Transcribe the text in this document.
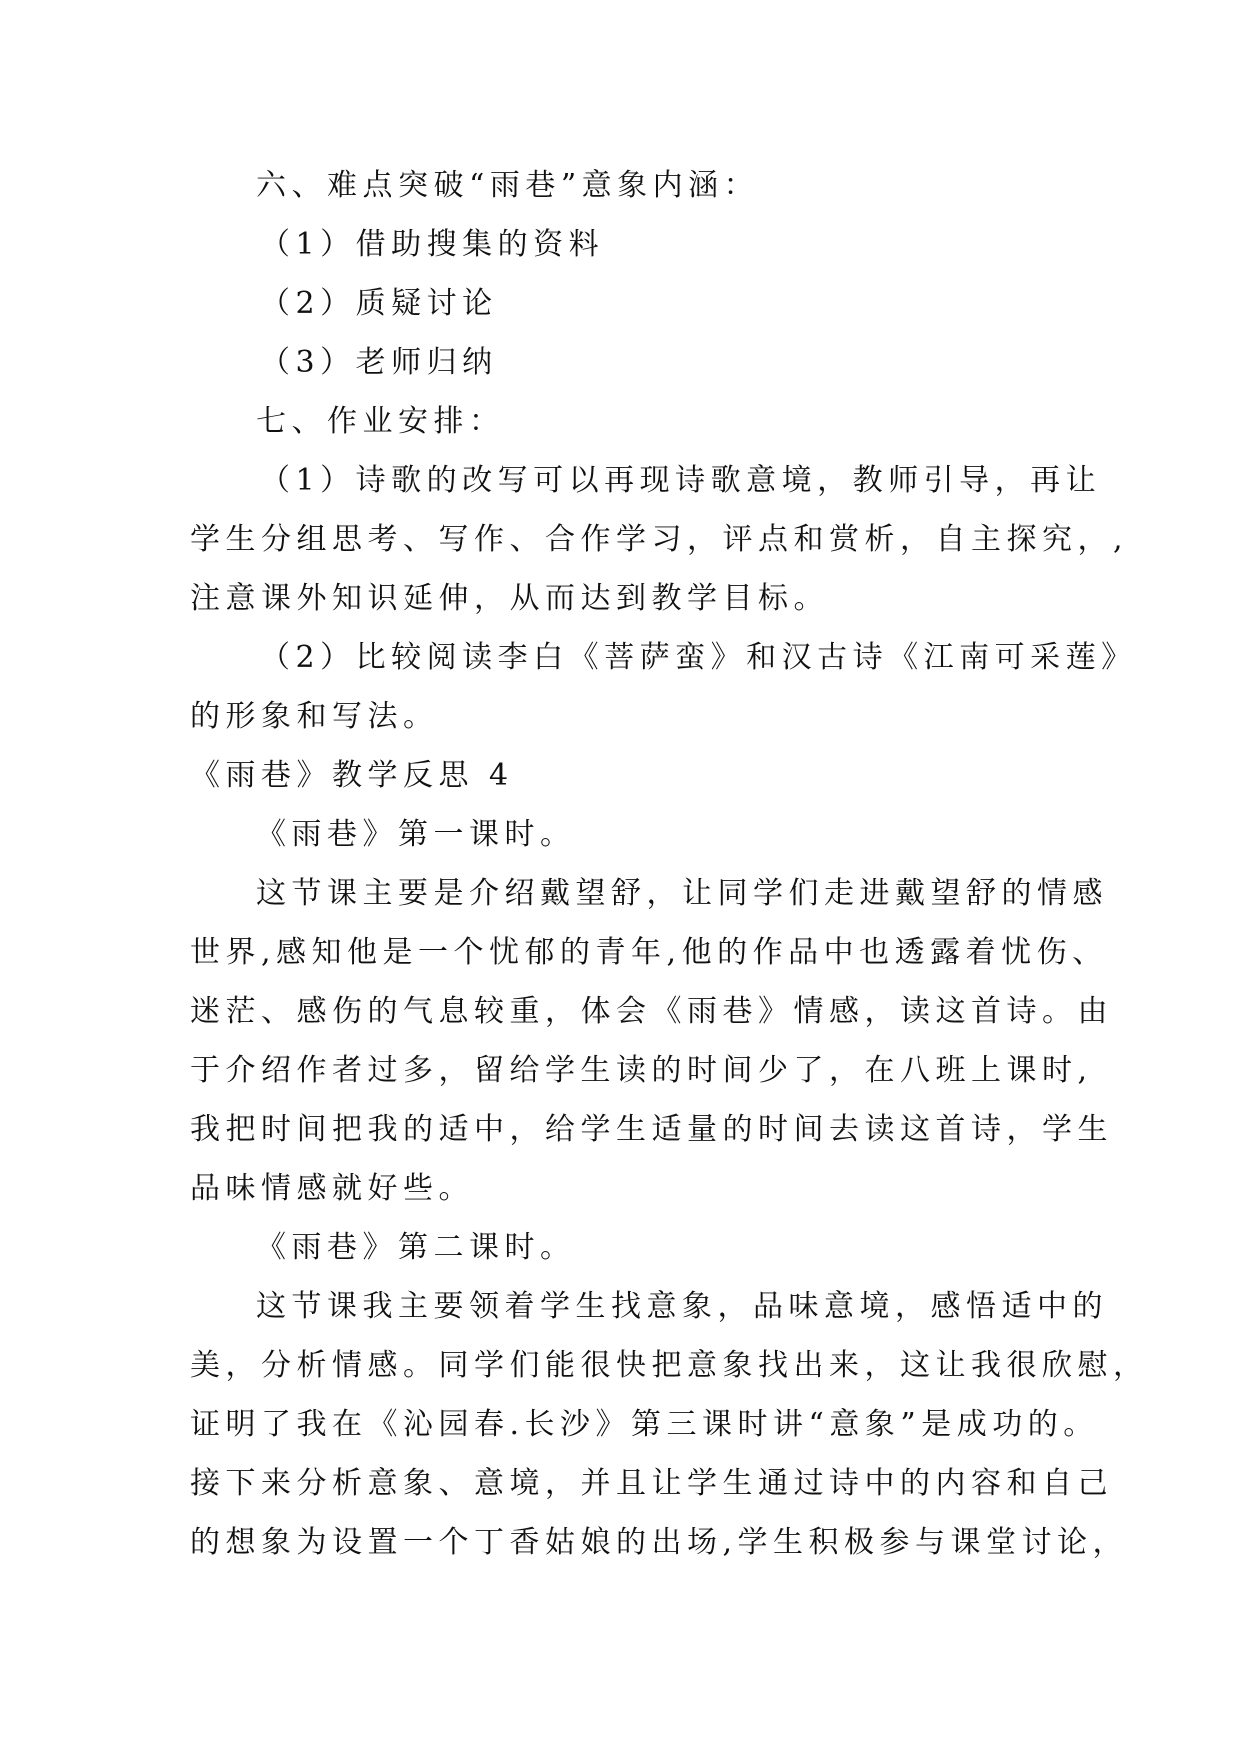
六、难点突破“雨巷”意象内涵：
（1）借助搜集的资料
（2）质疑讨论
（3）老师归纳
七、作业安排：
（1）诗歌的改写可以再现诗歌意境，教师引导，再让
学生分组思考、写作、合作学习，评点和赏析，自主探究，,
注意课外知识延伸，从而达到教学目标。
（2）比较阅读李白《菩萨蛮》和汉古诗《江南可采莲》
的形象和写法。
《雨巷》教学反思 4
《雨巷》第一课时。
这节课主要是介绍戴望舒，让同学们走进戴望舒的情感
世界,感知他是一个忧郁的青年,他的作品中也透露着忧伤、
迷茫、感伤的气息较重，体会《雨巷》情感，读这首诗。由
于介绍作者过多，留给学生读的时间少了，在八班上课时,
我把时间把我的适中，给学生适量的时间去读这首诗，学生
品味情感就好些。
《雨巷》第二课时。
这节课我主要领着学生找意象，品味意境，感悟适中的
美，分析情感。同学们能很快把意象找出来，这让我很欣慰，
证明了我在《沁园春.长沙》第三课时讲“意象”是成功的。
接下来分析意象、意境，并且让学生通过诗中的内容和自己
的想象为设置一个丁香姑娘的出场,学生积极参与课堂讨论，
